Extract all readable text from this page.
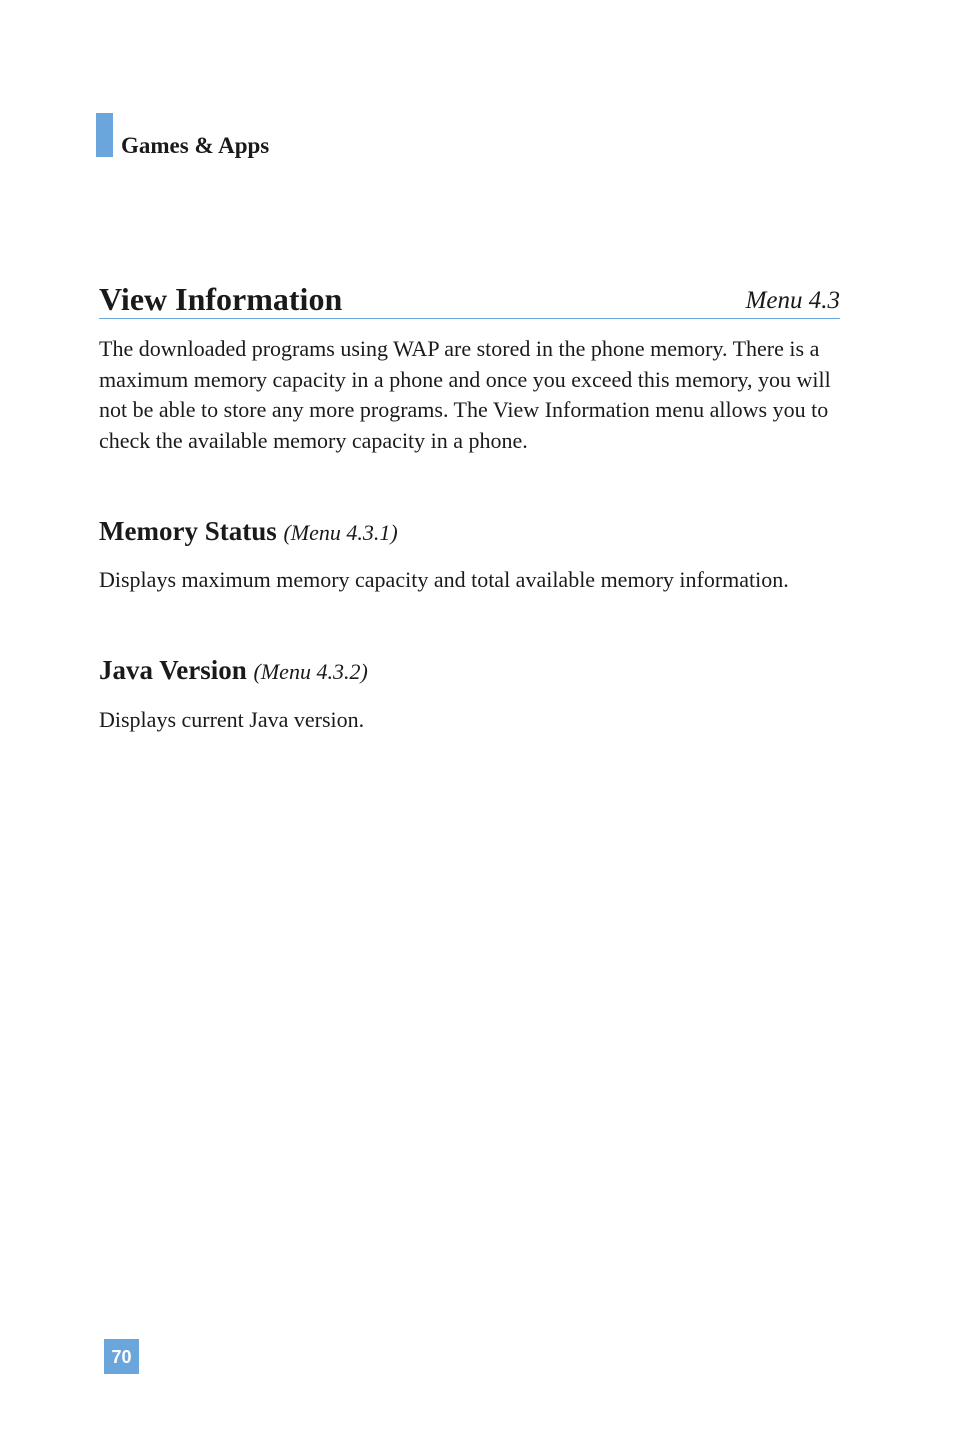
Games & Apps
View Information	Menu 4.3

The downloaded programs using WAP are stored in the phone memory. There is a maximum memory capacity in a phone and once you exceed this memory, you will not be able to store any more programs. The View Information menu allows you to check the available memory capacity in a phone.

Memory Status (Menu 4.3.1)

Displays maximum memory capacity and total available memory information.

Java Version (Menu 4.3.2)

Displays current Java version.

70
